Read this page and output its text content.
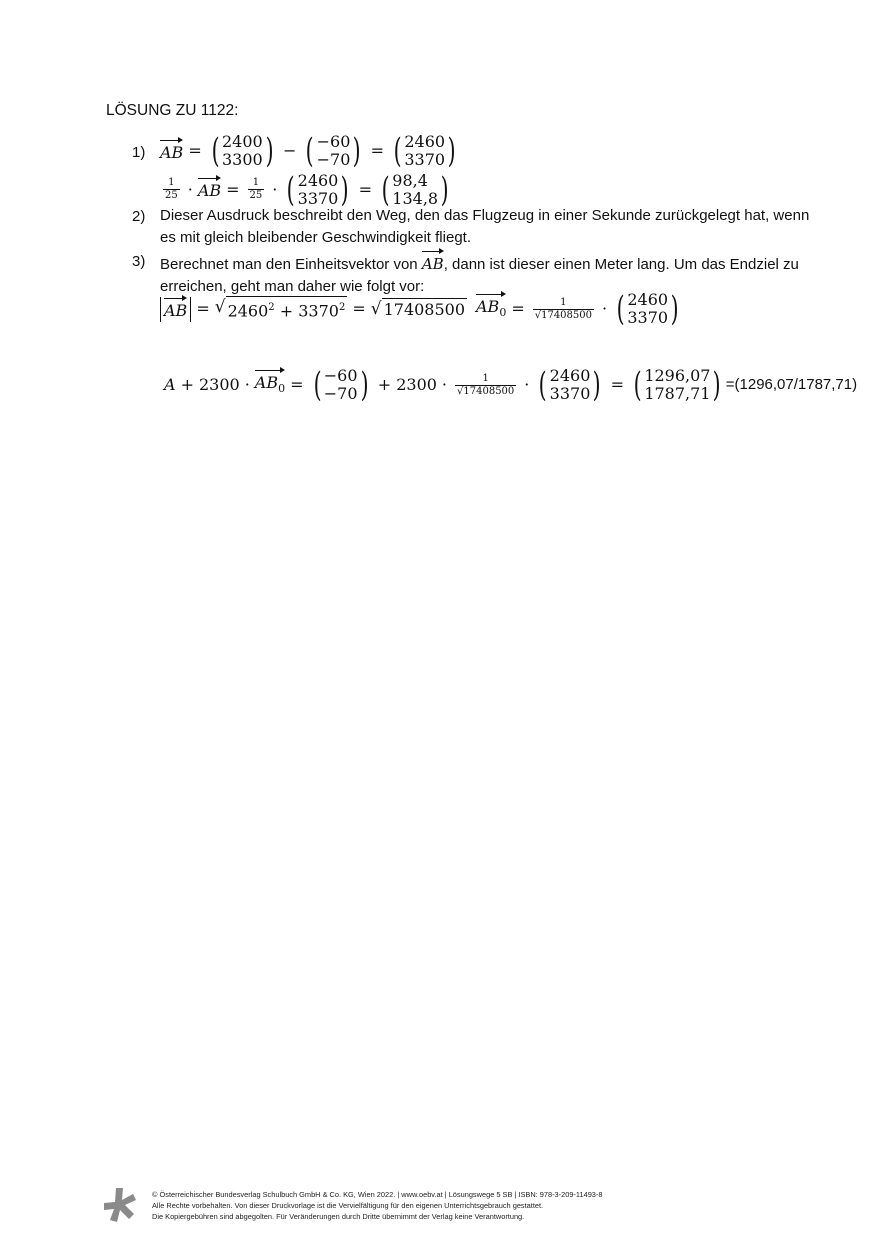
LÖSUNG ZU 1122:
1) AB = ( 2400
3300 ) − ( −60
−70 ) = ( 2460
3370 )
$\frac{1}{25}$ · AB = $\frac{1}{25}$ · ( 2460
3370 ) = ( 98,4
134,8 )
2) Dieser Ausdruck beschreibt den Weg, den das Flugzeug in einer Sekunde zurückgelegt hat, wenn
es mit gleich bleibender Geschwindigkeit fliegt.
3) Berechnet man den Einheitsvektor von AB , dann ist dieser einen Meter lang. Um das Endziel zu
erreichen, geht man daher wie folgt vor:
AB = √ $2460^2 + 3370^2$ = √ 17408500 $AB_0 = \frac{1}{√17408500}$ · ( 2460
3370 )
$A + 2300 \cdot AB_0$ = ( −60
−70 ) + $2300 \cdot \frac{1}{√17408500}$ · ( 2460
3370 ) = ( 1296,07
1787,71 ) =(1296,07/1787,71)
© Österreichischer Bundesverlag Schulbuch GmbH & Co. KG, Wien 2022. | www.oebv.at | Lösungswege 5 SB | ISBN: 978-3-209-11493-8
Alle Rechte vorbehalten. Von dieser Druckvorlage ist die Vervielfältigung für den eigenen Unterrichtsgebrauch gestattet.
Die Kopiergebühren sind abgegolten. Für Veränderungen durch Dritte übernimmt der Verlag keine Verantwortung.
